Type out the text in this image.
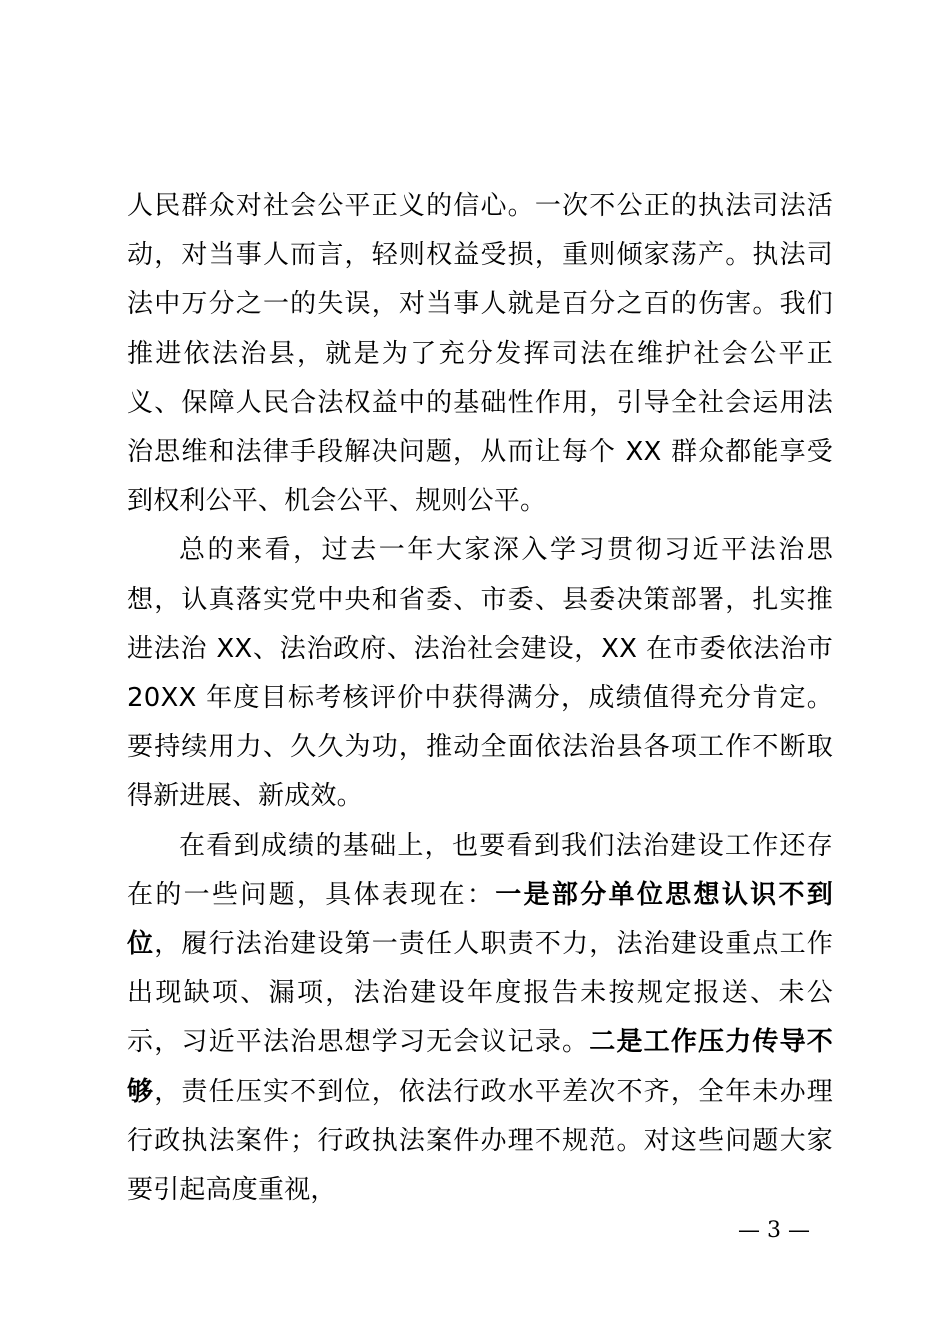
人民群众对社会公平正义的信心。一次不公正的执法司法活动，对当事人而言，轻则权益受损，重则倾家荡产。执法司法中万分之一的失误，对当事人就是百分之百的伤害。我们推进依法治县，就是为了充分发挥司法在维护社会公平正义、保障人民合法权益中的基础性作用，引导全社会运用法治思维和法律手段解决问题，从而让每个 XX 群众都能享受到权利公平、机会公平、规则公平。

总的来看，过去一年大家深入学习贯彻习近平法治思想，认真落实党中央和省委、市委、县委决策部署，扎实推进法治 XX、法治政府、法治社会建设，XX 在市委依法治市 20XX 年度目标考核评价中获得满分，成绩值得充分肯定。要持续用力、久久为功，推动全面依法治县各项工作不断取得新进展、新成效。

在看到成绩的基础上，也要看到我们法治建设工作还存在的一些问题，具体表现在：一是部分单位思想认识不到位，履行法治建设第一责任人职责不力，法治建设重点工作出现缺项、漏项，法治建设年度报告未按规定报送、未公示，习近平法治思想学习无会议记录。二是工作压力传导不够，责任压实不到位，依法行政水平差次不齐，全年未办理行政执法案件；行政执法案件办理不规范。对这些问题大家要引起高度重视，

— 3 —
